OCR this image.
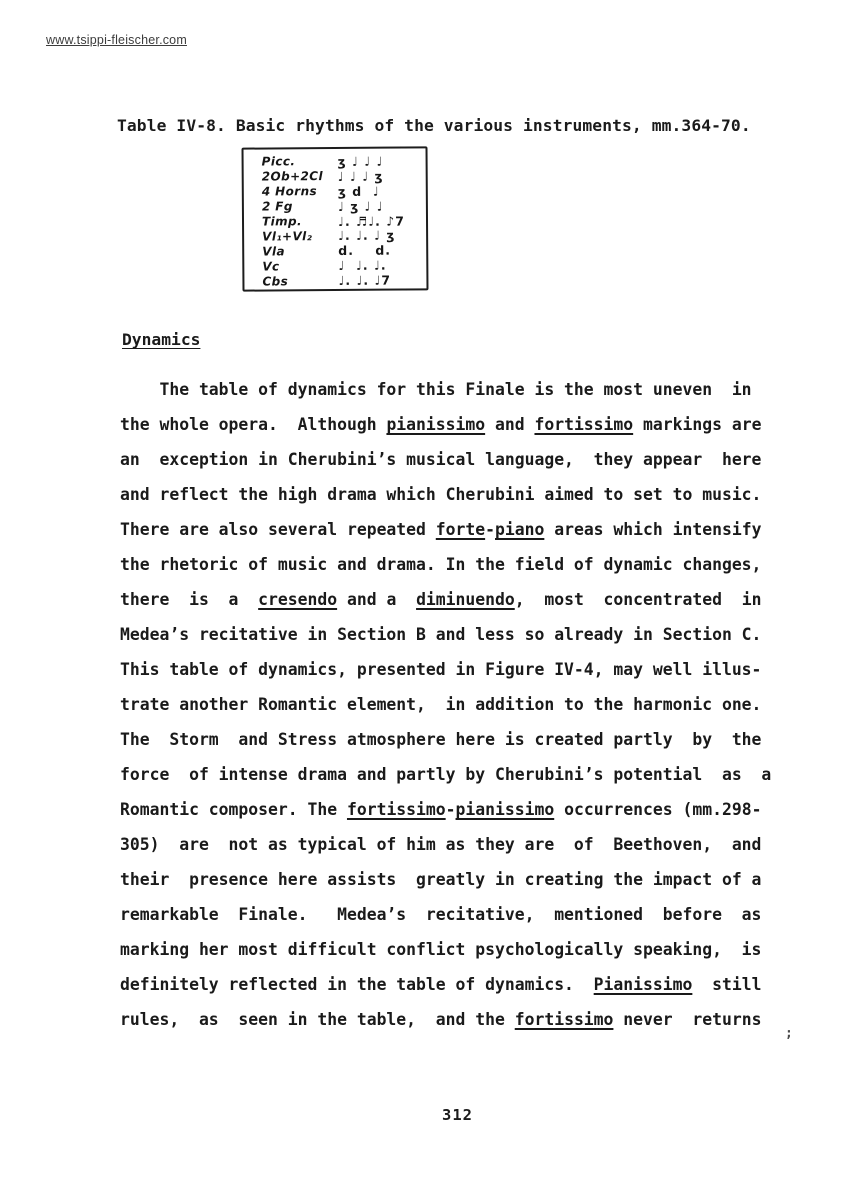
www.tsippi-fleischer.com
Table IV-8. Basic rhythms of the various instruments, mm.364-70.
Picc.	ʒ ♩ ♩ ♩
2Ob+2Cl	♩ ♩ ♩ ʒ
4 Horns	ʒ d  ♩
2 Fg	♩ ʒ ♩ ♩
Timp.	♩. ♬♩. ♪7
Vl₁+Vl₂	♩. ♩. ♩ ʒ
Vla	d.    d.
Vc	♩  ♩. ♩.
Cbs	♩. ♩. ♩7
Dynamics
The table of dynamics for this Finale is the most uneven  in
the whole opera.  Although pianissimo and fortissimo markings are
an  exception in Cherubini’s musical language,  they appear  here
and reflect the high drama which Cherubini aimed to set to music.
There are also several repeated forte-piano areas which intensify
the rhetoric of music and drama. In the field of dynamic changes,
there  is  a  cresendo and a  diminuendo,  most  concentrated  in
Medea’s recitative in Section B and less so already in Section C.
This table of dynamics, presented in Figure IV-4, may well illus-
trate another Romantic element,  in addition to the harmonic one.
The  Storm  and Stress atmosphere here is created partly  by  the
force  of intense drama and partly by Cherubini’s potential  as  a
Romantic composer. The fortissimo-pianissimo occurrences (mm.298-
305)  are  not as typical of him as they are  of  Beethoven,  and
their  presence here assists  greatly in creating the impact of a
remarkable  Finale.   Medea’s  recitative,  mentioned  before  as
marking her most difficult conflict psychologically speaking,  is
definitely reflected in the table of dynamics.  Pianissimo  still
rules,  as  seen in the table,  and the fortissimo never  returns
312
;
